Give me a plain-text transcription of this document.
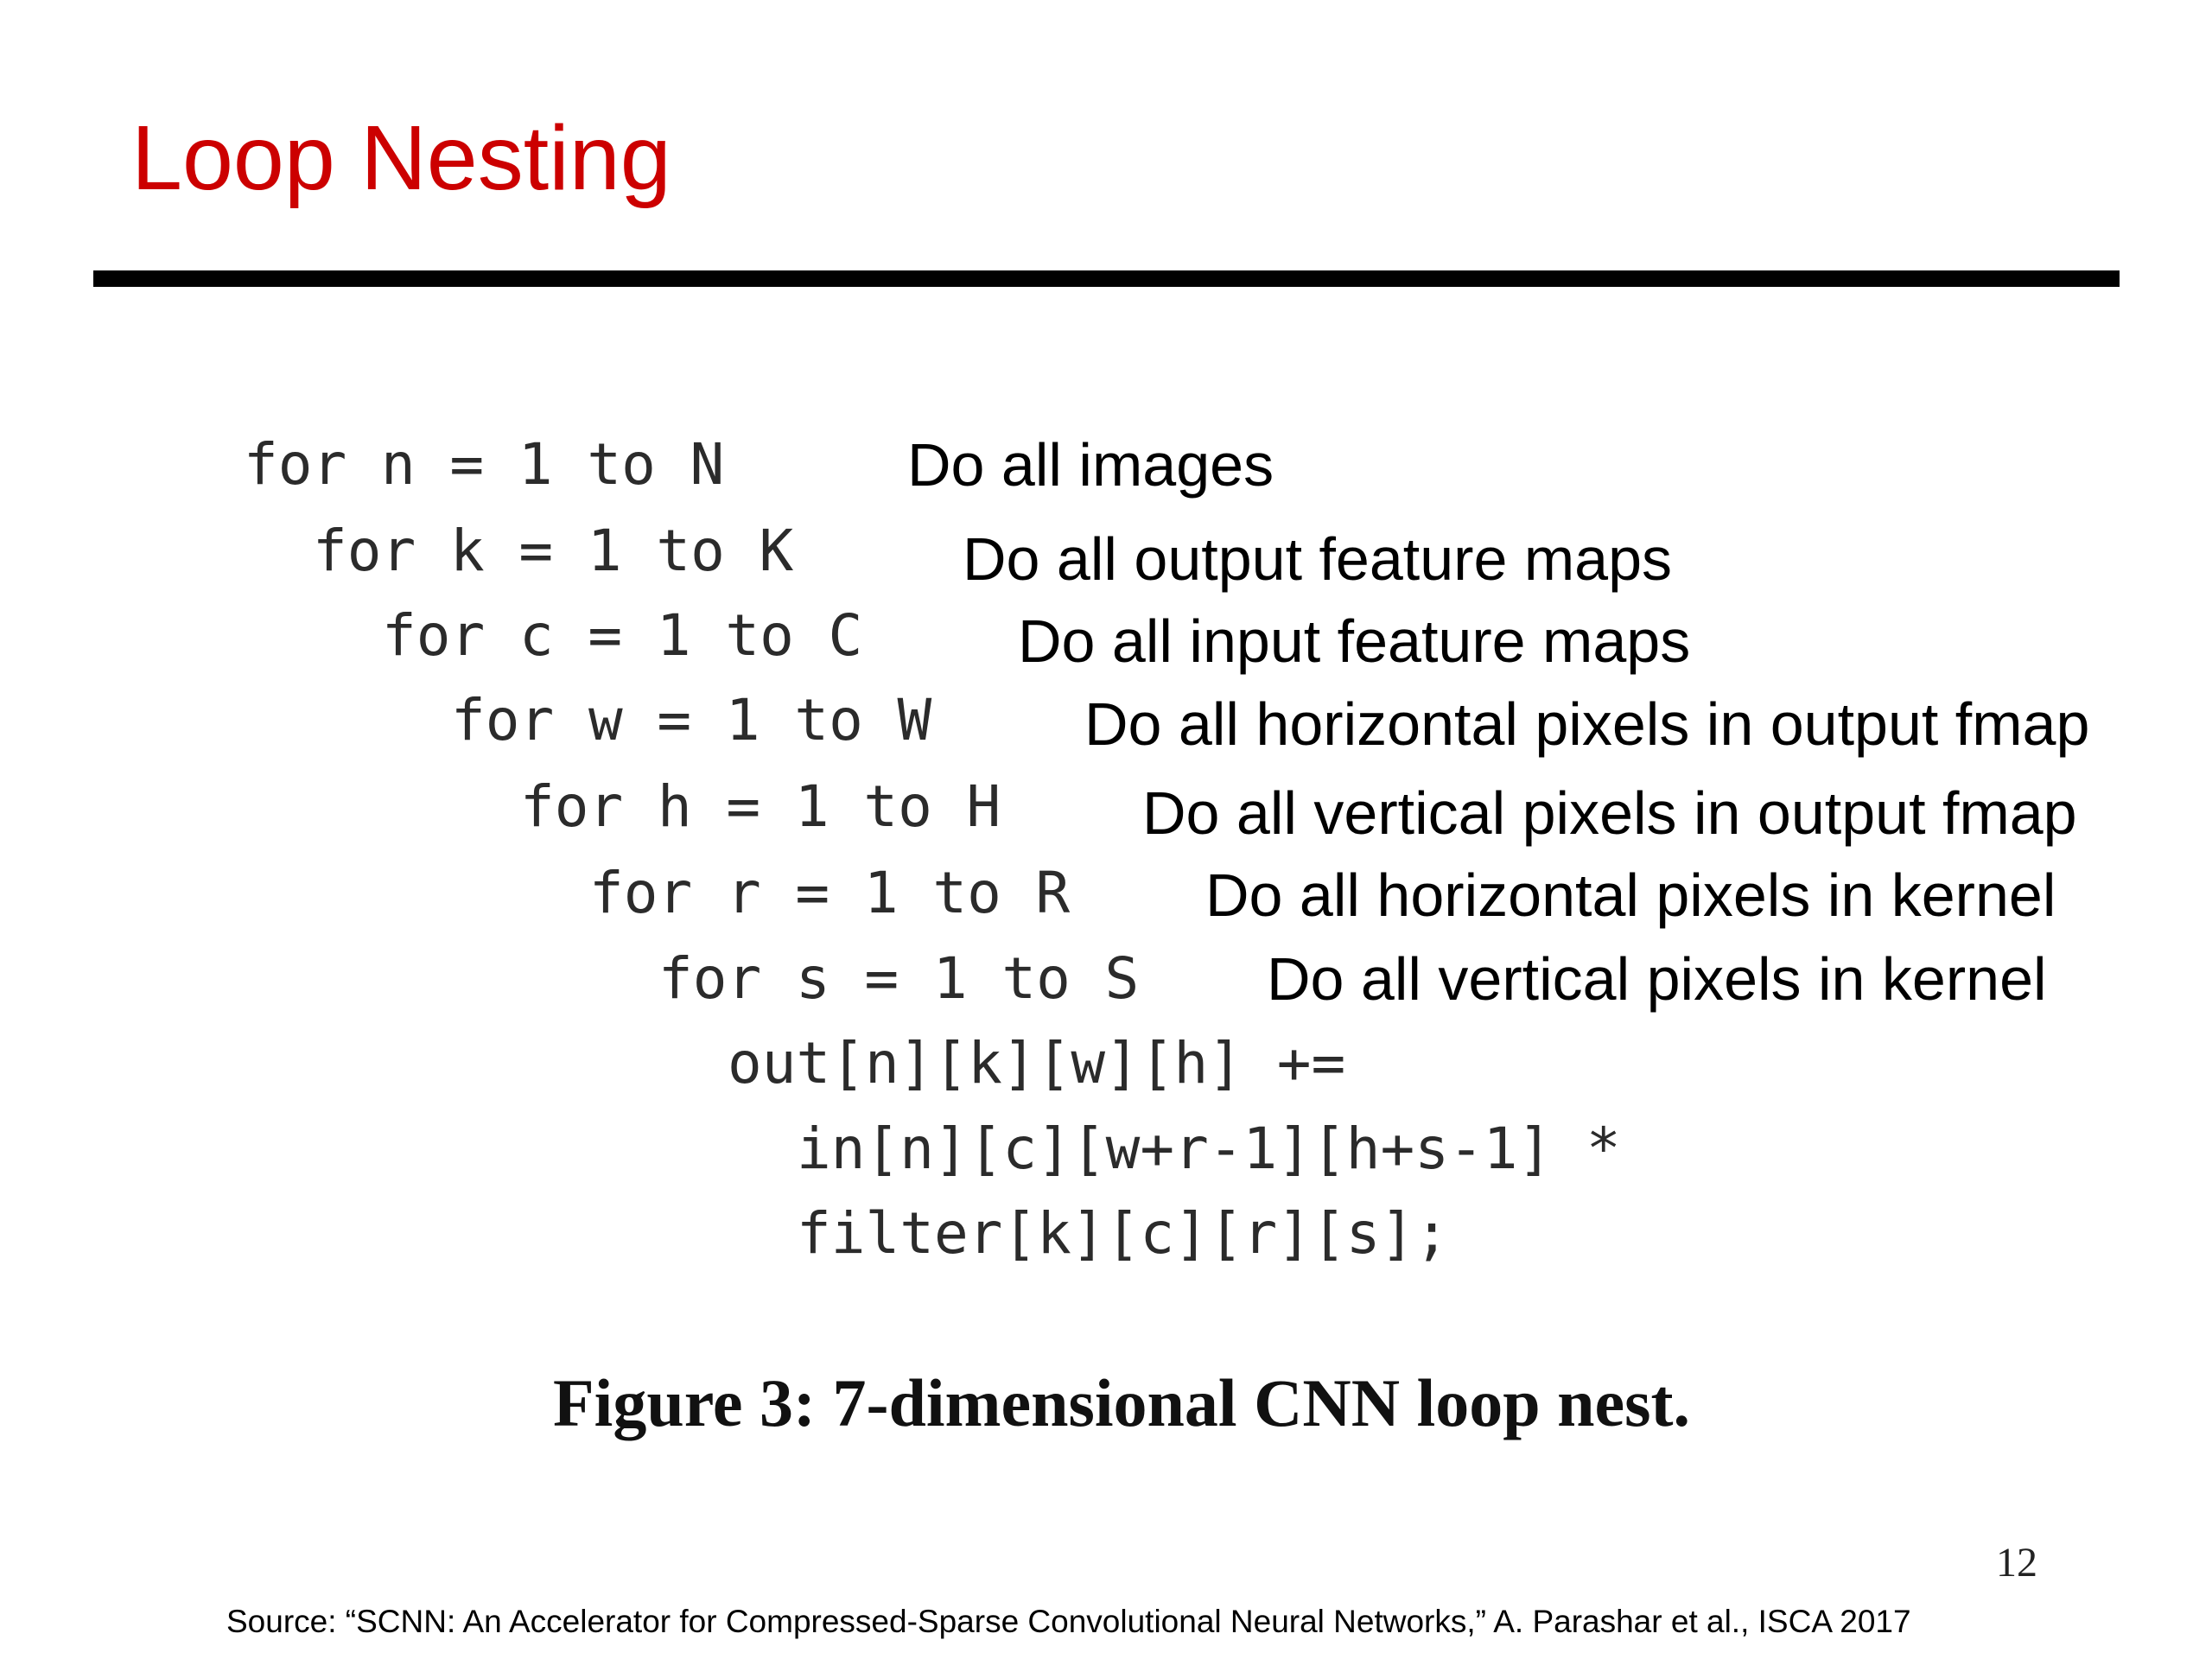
Loop Nesting
for n = 1 to N
for k = 1 to K
for c = 1 to C
for w = 1 to W
for h = 1 to H
for r = 1 to R
for s = 1 to S
out[n][k][w][h] +=
in[n][c][w+r-1][h+s-1] *
filter[k][c][r][s];

Do all images

Do all output feature maps

Do all input feature maps

Do all horizontal pixels in output fmap

Do all vertical pixels in output fmap

Do all horizontal pixels in kernel

Do all vertical pixels in kernel

Figure 3: 7-dimensional CNN loop nest.

12

Source: “SCNN: An Accelerator for Compressed-Sparse Convolutional Neural Networks,” A. Parashar et al., ISCA 2017
